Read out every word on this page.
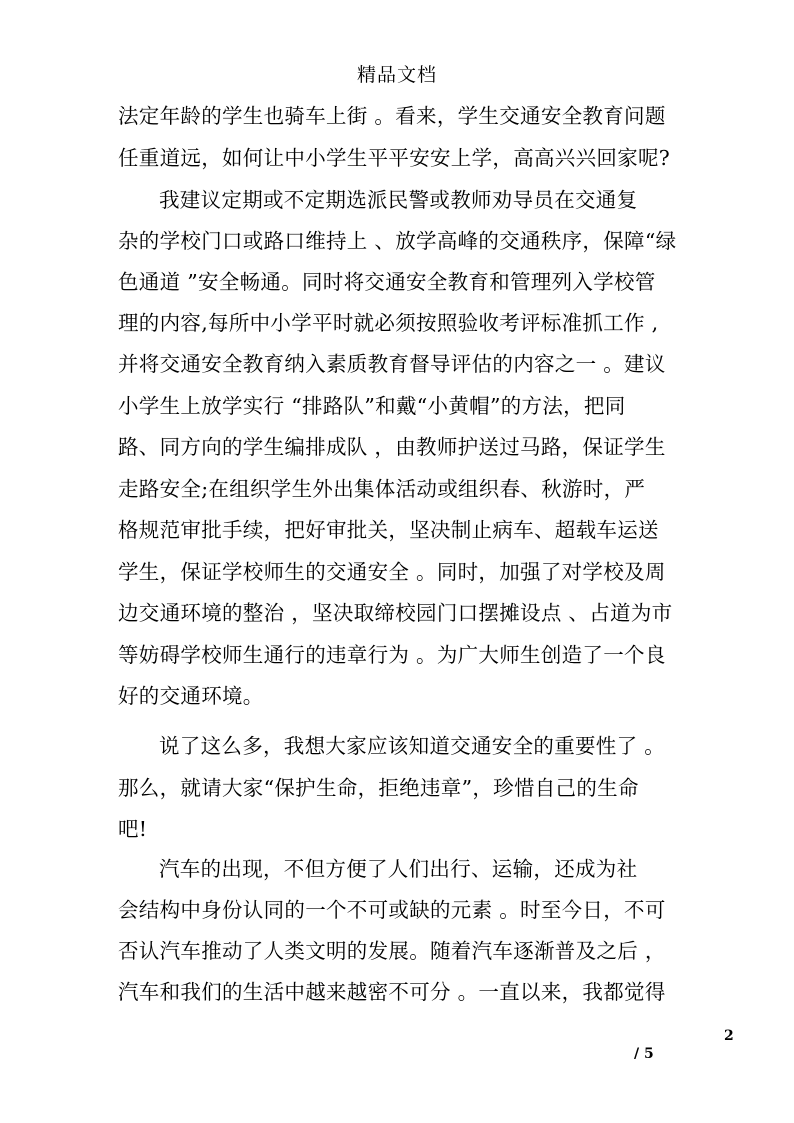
精品文档
法定年龄的学生也骑车上街 。看来，学生交通安全教育问题
任重道远，如何让中小学生平平安安上学，高高兴兴回家呢?
我建议定期或不定期选派民警或教师劝导员在交通复
杂的学校门口或路口维持上 、放学高峰的交通秩序，保障“绿
色通道 ”安全畅通。同时将交通安全教育和管理列入学校管
理的内容,每所中小学平时就必须按照验收考评标准抓工作 ,
并将交通安全教育纳入素质教育督导评估的内容之一 。建议
小学生上放学实行 “排路队”和戴“小黄帽”的方法，把同
路、同方向的学生编排成队 ，由教师护送过马路，保证学生
走路安全;在组织学生外出集体活动或组织春、秋游时，严
格规范审批手续，把好审批关，坚决制止病车、超载车运送
学生，保证学校师生的交通安全 。同时，加强了对学校及周
边交通环境的整治 ，坚决取缔校园门口摆摊设点 、占道为市
等妨碍学校师生通行的违章行为 。为广大师生创造了一个良
好的交通环境。
说了这么多，我想大家应该知道交通安全的重要性了 。
那么，就请大家“保护生命，拒绝违章”，珍惜自己的生命
吧!
汽车的出现，不但方便了人们出行、运输，还成为社
会结构中身份认同的一个不可或缺的元素 。时至今日，不可
否认汽车推动了人类文明的发展。随着汽车逐渐普及之后 ，
汽车和我们的生活中越来越密不可分 。一直以来，我都觉得
2
/ 5
